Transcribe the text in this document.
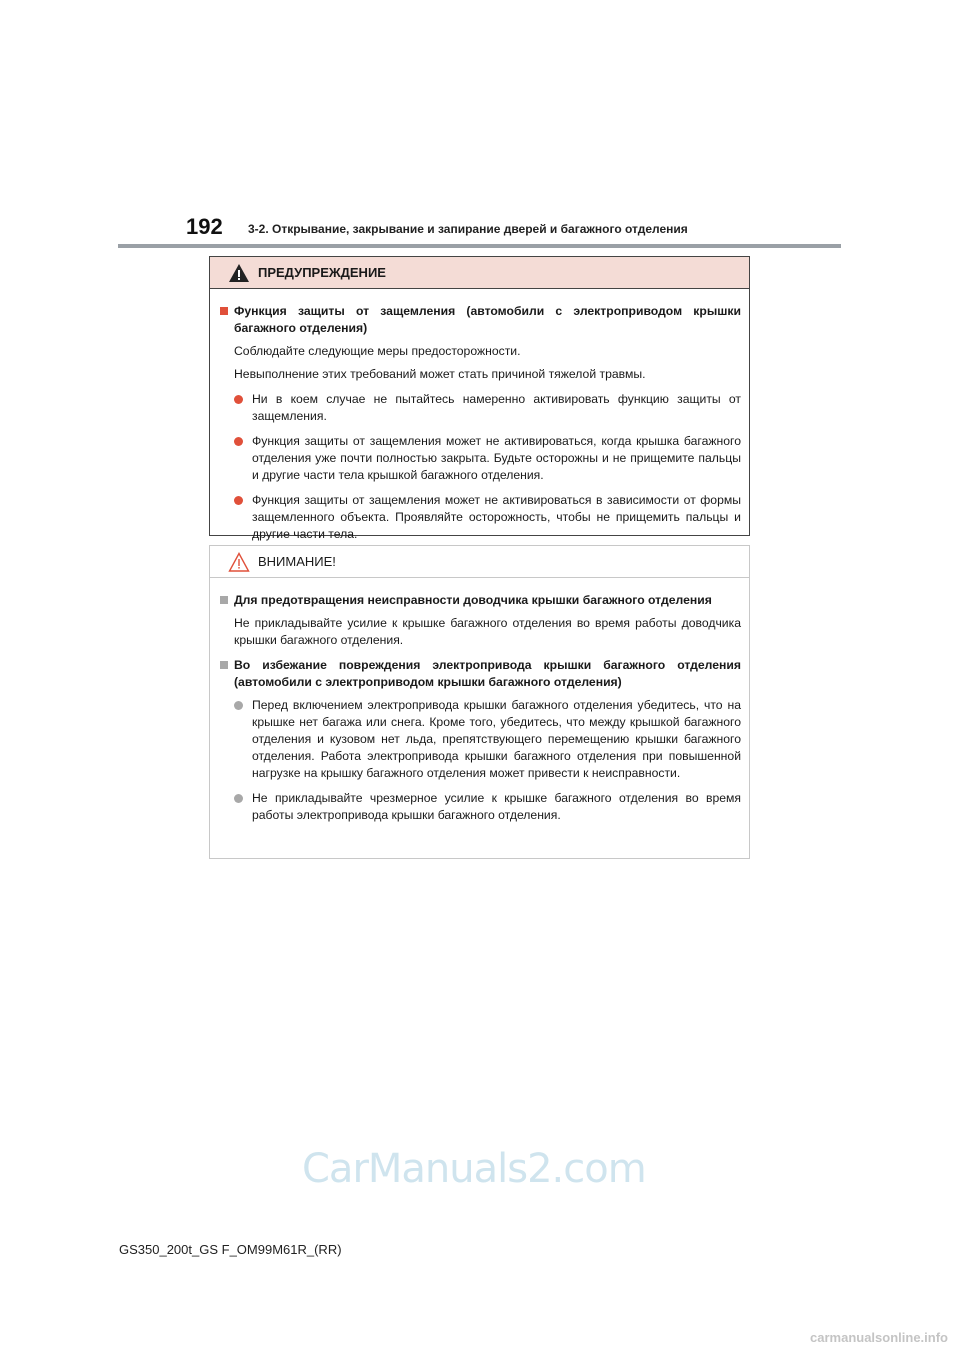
192 3-2. Открывание, закрывание и запирание дверей и багажного отделения
ПРЕДУПРЕЖДЕНИЕ
Функция защиты от защемления (автомобили с электроприводом крышки багажного отделения)
Соблюдайте следующие меры предосторожности.
Невыполнение этих требований может стать причиной тяжелой травмы.
Ни в коем случае не пытайтесь намеренно активировать функцию защиты от защемления.
Функция защиты от защемления может не активироваться, когда крышка багажного отделения уже почти полностью закрыта. Будьте осторожны и не прищемите пальцы и другие части тела крышкой багажного отделения.
Функция защиты от защемления может не активироваться в зависимости от формы защемленного объекта. Проявляйте осторожность, чтобы не прищемить пальцы и другие части тела.
ВНИМАНИЕ!
Для предотвращения неисправности доводчика крышки багажного отделения
Не прикладывайте усилие к крышке багажного отделения во время работы доводчика крышки багажного отделения.
Во избежание повреждения электропривода крышки багажного отделения (автомобили с электроприводом крышки багажного отделения)
Перед включением электропривода крышки багажного отделения убедитесь, что на крышке нет багажа или снега. Кроме того, убедитесь, что между крышкой багажного отделения и кузовом нет льда, препятствующего перемещению крышки багажного отделения. Работа электропривода крышки багажного отделения при повышенной нагрузке на крышку багажного отделения может привести к неисправности.
Не прикладывайте чрезмерное усилие к крышке багажного отделения во время работы электропривода крышки багажного отделения.
CarManuals2.com
GS350_200t_GS F_OM99M61R_(RR)
carmanualsonline.info
